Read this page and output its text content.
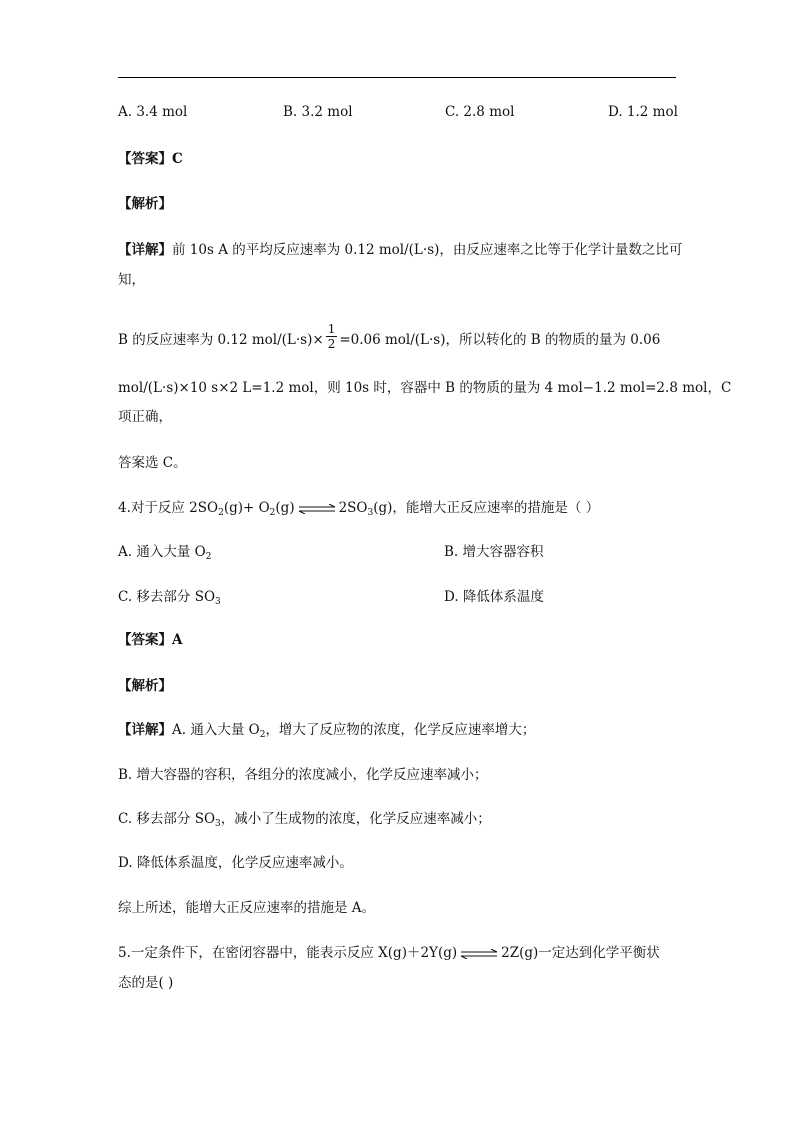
A. 3.4 mol	B. 3.2 mol	C. 2.8 mol	D. 1.2 mol
【答案】C
【解析】
【详解】前 10s A 的平均反应速率为 0.12 mol/(L·s)，由反应速率之比等于化学计量数之比可
知，
B 的反应速率为 0.12 $mol/(L\cdot s)\times \frac{1}{2} =0.06$ mol/(L·s)，所以转化的 B 的物质的量为 0.06
mol/(L·s)×10 s×2 L=1.2 mol，则 10s 时，容器中 B 的物质的量为 4 mol−1.2 mol=2.8 mol，C
项正确，
答案选 C。
4.对于反应 $2SO_2(g)+ O_2(g)$ ⇌ $2SO_3(g)$，能增大正反应速率的措施是（ ）
A. 通入大量 $O_2$	B. 增大容器容积
C. 移去部分 $SO_3$	D. 降低体系温度
【答案】A
【解析】
【详解】A. 通入大量 $O_2$，增大了反应物的浓度，化学反应速率增大；
B. 增大容器的容积，各组分的浓度减小，化学反应速率减小；
C. 移去部分 $SO_3$，减小了生成物的浓度，化学反应速率减小；
D. 降低体系温度，化学反应速率减小。
综上所述，能增大正反应速率的措施是 A。
5.一定条件下，在密闭容器中，能表示反应 X(g)＋2Y(g) ⇌ 2Z(g)一定达到化学平衡状
态的是( )
